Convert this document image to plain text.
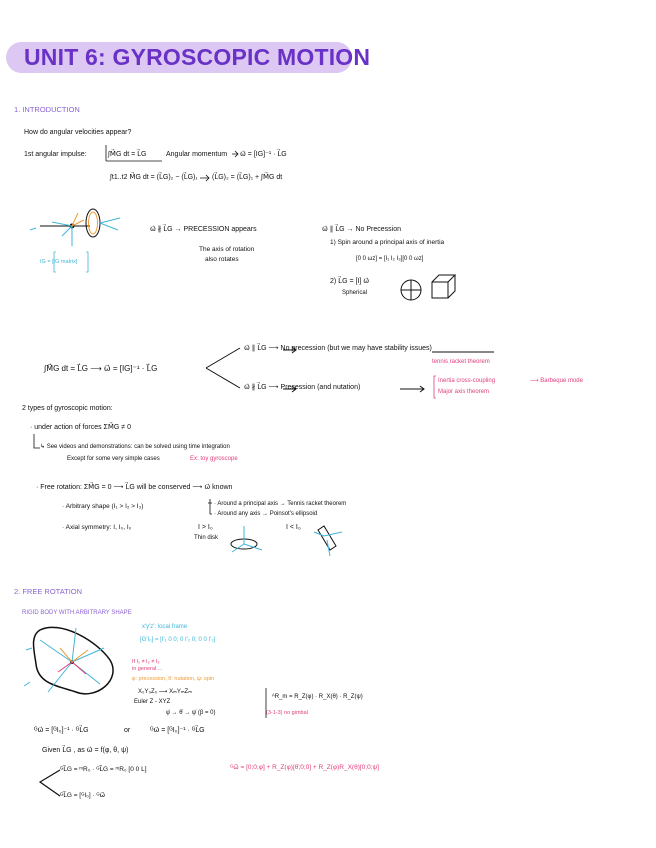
UNIT 6: GYROSCOPIC MOTION
1. INTRODUCTION
How do angular velocities appear?
1st angular impulse:	∫M⃗G dt = L⃗G	Angular momentum ω⃗ = [IG]⁻¹ · L⃗G
∫t1..t2 M⃗G dt = (L⃗G)₂ − (L⃗G)₁ (L⃗G)₂ = (L⃗G)₁ + ∫M⃗G dt
IG = [IG matrix]
ω⃗ ∦ L⃗G → PRECESSION appears
The axis of rotation
also rotates
ω⃗ ∥ L⃗G → No Precession
1) Spin around a principal axis of inertia
[0 0 ωz] = [I₁ I₂ I₃][0 0 ωz]
2) L⃗G = [I] ω⃗
Spherical
∫M⃗G dt = L⃗G ⟶ ω⃗ = [IG]⁻¹ · L⃗G
ω⃗ ∥ L⃗G ⟶ No precession (but we may have stability issues)
tennis racket theorem
ω⃗ ∦ L⃗G ⟶ Precession (and nutation)
Inertia cross-coupling
Major axis theorem
⟶ Barbeque mode
2 types of gyroscopic motion:
· under action of forces ΣM⃗G ≠ 0
↳ See videos and demonstrations: can be solved using time integration
Except for some very simple cases	Ex: toy gyroscope
· Free rotation: ΣM⃗G = 0 ⟶ L⃗G will be conserved ⟶ ω⃗ known
· Arbitrary shape (I₁ > I₂ > I₃)	· Around a principal axis → Tennis racket theorem
· Around any axis → Poinsot's ellipsoid
· Axial symmetry: I, I₀, I₀	I > I₀
Thin disk
I < I₀
2. FREE ROTATION
RIGID BODY WITH ARBITRARY SHAPE
x'y'z': local frame
[G'I₀] = [I'₁ 0 0; 0 I'₂ 0; 0 0 I'₃]
If I₁ ≠ I₂ ≠ I₃
in general ...
φ: precession, θ: nutation, ψ: spin
X₀Y₀Z₀ ⟶ XₘYₘZₘ
Euler Z - XYZ
φ̇ → θ̇ → ψ̇ (β = 0)
ᴬR_m = R_Z(φ) · R_X(θ) · R_Z(ψ)
(3-1-3) no gimbal
ᴳω⃗ = [ᴳI₀]⁻¹ · ᴳL⃗G	or	ᴳω⃗ = [ᴳI₀]⁻¹ · ᴳL⃗G
Given L⃗G , as ω⃗ = f(φ, θ, ψ)
ᴳL⃗G = ᵐR₀ · ᴳL⃗G = ᵐR₀ [0 0 L]
ᴳL⃗G = [ᴳI₀] · ᴳω⃗
ᴳω⃗ = [0;0;φ̇] + R_Z(φ)[θ̇;0;0] + R_Z(φ)R_X(θ)[0;0;ψ̇]
